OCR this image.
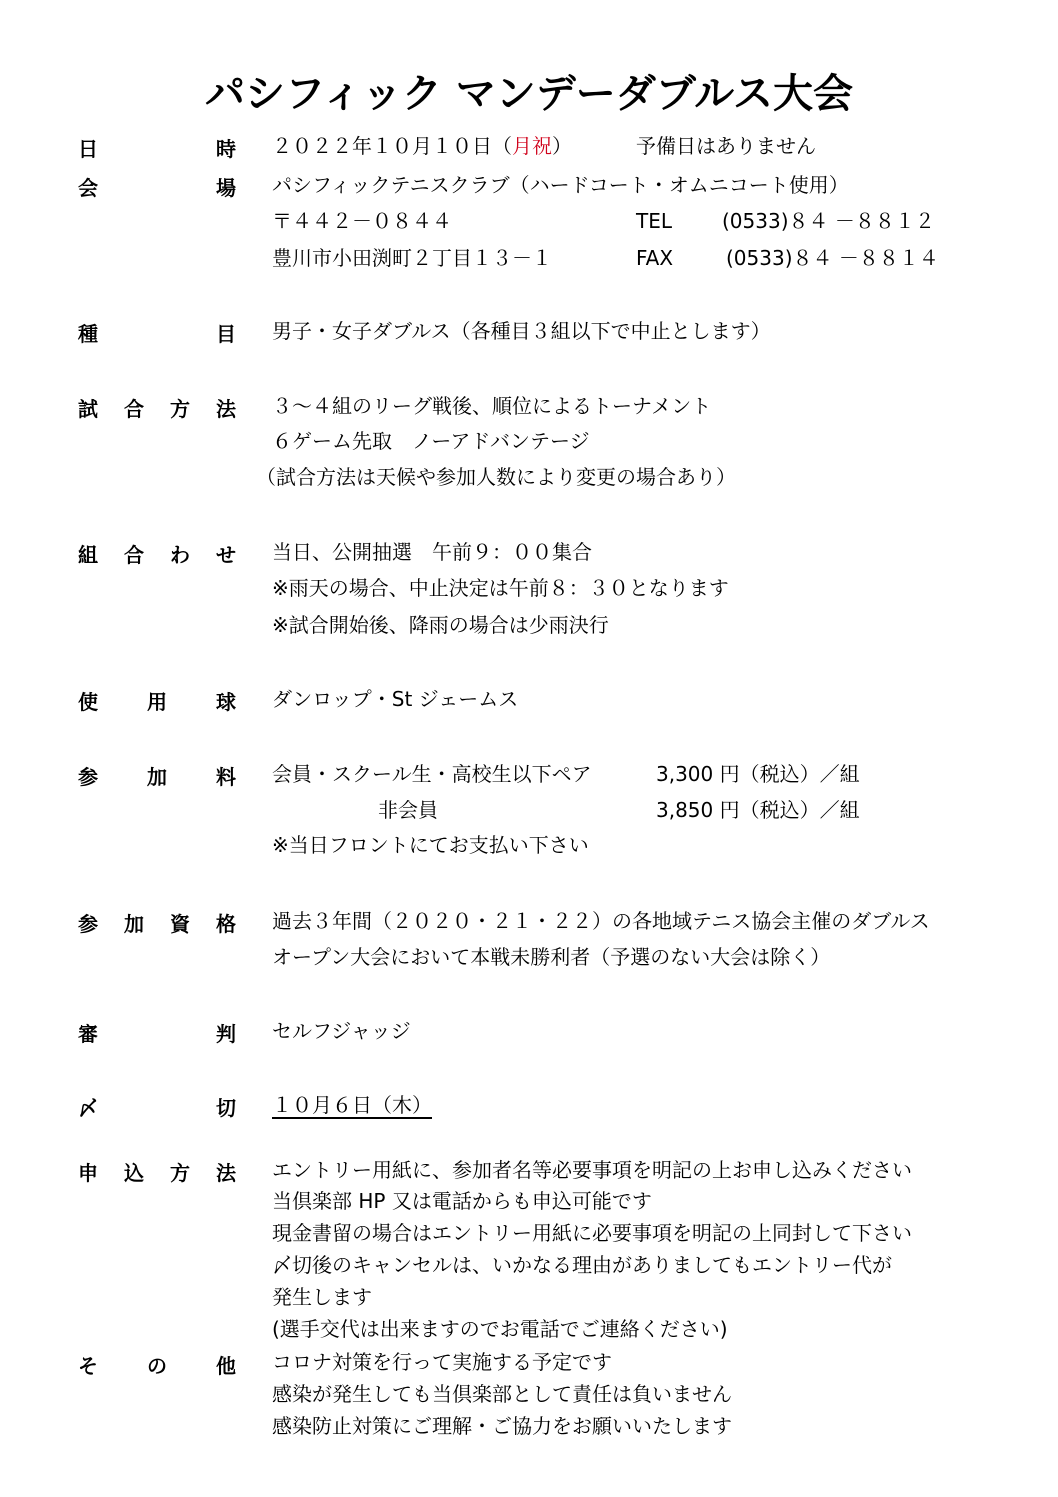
パシフィック マンデーダブルス大会
日	時 ２０２２年１０月１０日（月祝）	予備日はありません
会	場 パシフィックテニスクラブ（ハードコート・オムニコート使用）
〒４４２－０８４４	TEL	(0533)８４ －８８１２
豊川市小田渕町２丁目１３－１	FAX	(0533)８４ －８８１４
種	目 男子・女子ダブルス（各種目３組以下で中止とします）
試 合 方 法 ３～４組のリーグ戦後、順位によるトーナメント
６ゲーム先取　ノーアドバンテージ
（試合方法は天候や参加人数により変更の場合あり）
組 合 わ せ 当日、公開抽選　午前９：００集合
※雨天の場合、中止決定は午前８：３０となります
※試合開始後、降雨の場合は少雨決行
使 用 球 ダンロップ・St ジェームス
参 加 料 会員・スクール生・高校生以下ペア	3,300 円（税込）／組
非会員	3,850 円（税込）／組
※当日フロントにてお支払い下さい
参 加 資 格 過去３年間（２０２０・２１・２２）の各地域テニス協会主催のダブルス
オープン大会において本戦未勝利者（予選のない大会は除く）
審	判 セルフジャッジ
〆	切 １０月６日（木）
申 込 方 法 エントリー用紙に、参加者名等必要事項を明記の上お申し込みください
当倶楽部 HP 又は電話からも申込可能です
現金書留の場合はエントリー用紙に必要事項を明記の上同封して下さい
〆切後のキャンセルは、いかなる理由がありましてもエントリー代が
発生します
(選手交代は出来ますのでお電話でご連絡ください)
そ の 他 コロナ対策を行って実施する予定です
感染が発生しても当倶楽部として責任は負いません
感染防止対策にご理解・ご協力をお願いいたします
